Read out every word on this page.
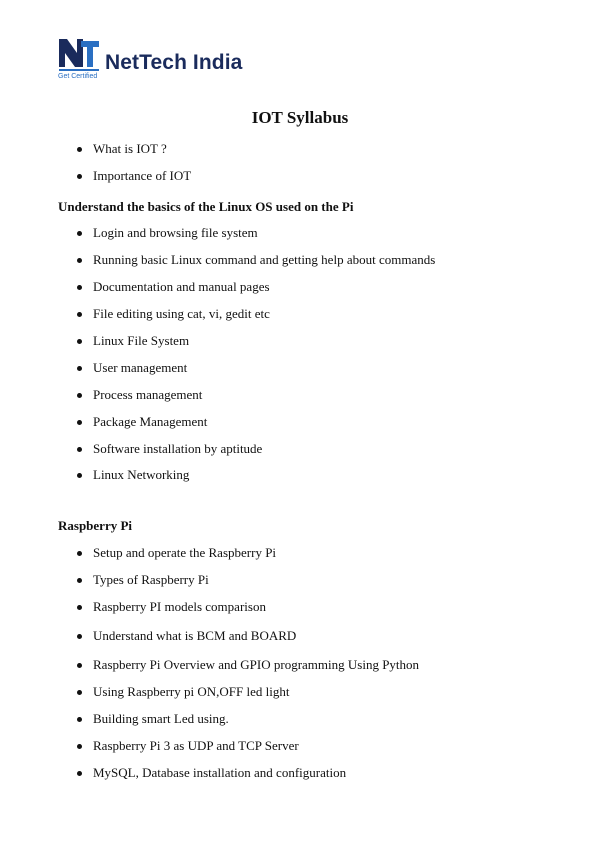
Get Certified
NetTech India
IOT Syllabus
What is IOT ?
Importance of IOT
Understand the basics of the Linux OS used on the Pi
Login and browsing file system
Running basic Linux command and getting help about commands
Documentation and manual pages
File editing using cat, vi, gedit etc
Linux File System
User management
Process management
Package Management
Software installation by aptitude
Linux Networking
Raspberry Pi
Setup and operate the Raspberry Pi
Types of Raspberry Pi
Raspberry PI models comparison
Understand what is BCM and BOARD
Raspberry Pi Overview and GPIO programming Using Python
Using Raspberry pi ON,OFF led light
Building smart Led using.
Raspberry Pi 3 as UDP and TCP Server
MySQL, Database installation and configuration
